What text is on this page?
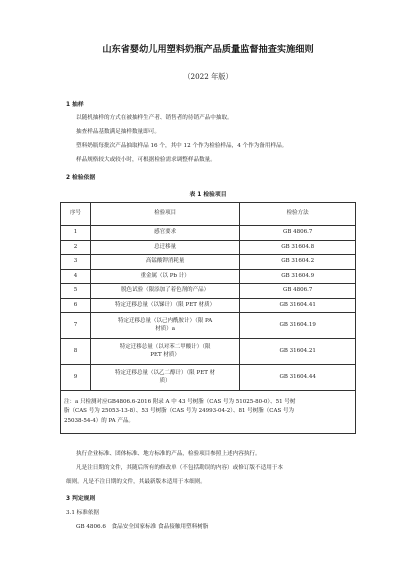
山东省婴幼儿用塑料奶瓶产品质量监督抽查实施细则
（2022 年版）
1 抽样
以随机抽样的方式在被抽样生产者、销售者的待销产品中抽取。
抽查样品基数满足抽样数量即可。
塑料奶瓶每批次产品抽取样品 16 个，其中 12 个作为检验样品，4 个作为备用样品。
样品规格较大或较小时，可根据检验需求调整样品数量。
2 检验依据
表 1 检验项目
序号	检验项目	检验方法
1	感官要求	GB 4806.7
2	总迁移量	GB 31604.8
3	高锰酸钾消耗量	GB 31604.2
4	重金属（以 Pb 计）	GB 31604.9
5	脱色试验（限添加了着色剂的产品）	GB 4806.7
6	特定迁移总量（以锑计）（限 PET 材质）	GB 31604.41
7	特定迁移总量（以己内酰胺计）（限 PA
材质）a	GB 31604.19
8	特定迁移总量（以对苯二甲酸计）（限
PET 材质）	GB 31604.21
9	特定迁移总量（以乙二醇计）（限 PET 材
质）	GB 31604.44

注：a 只检测对应GB4806.6-2016 附录 A 中 43 号树脂（CAS 号为 51025-80-0）、51 号树
脂（CAS 号为 25053-13-8）、53 号树脂（CAS 号为 24993-04-2）、81 号树脂（CAS 号为
25038-54-4）的 PA 产品。		
执行企业标准、团体标准、地方标准的产品，检验项目参照上述内容执行。
凡是注日期的文件，其随后所有的修改单（不包括勘误的内容）或修订版不适用于本
细则。凡是不注日期的文件，其最新版本适用于本细则。
3 判定规则
3.1 标准依据
GB 4806.6　食品安全国家标准 食品接触用塑料树脂
